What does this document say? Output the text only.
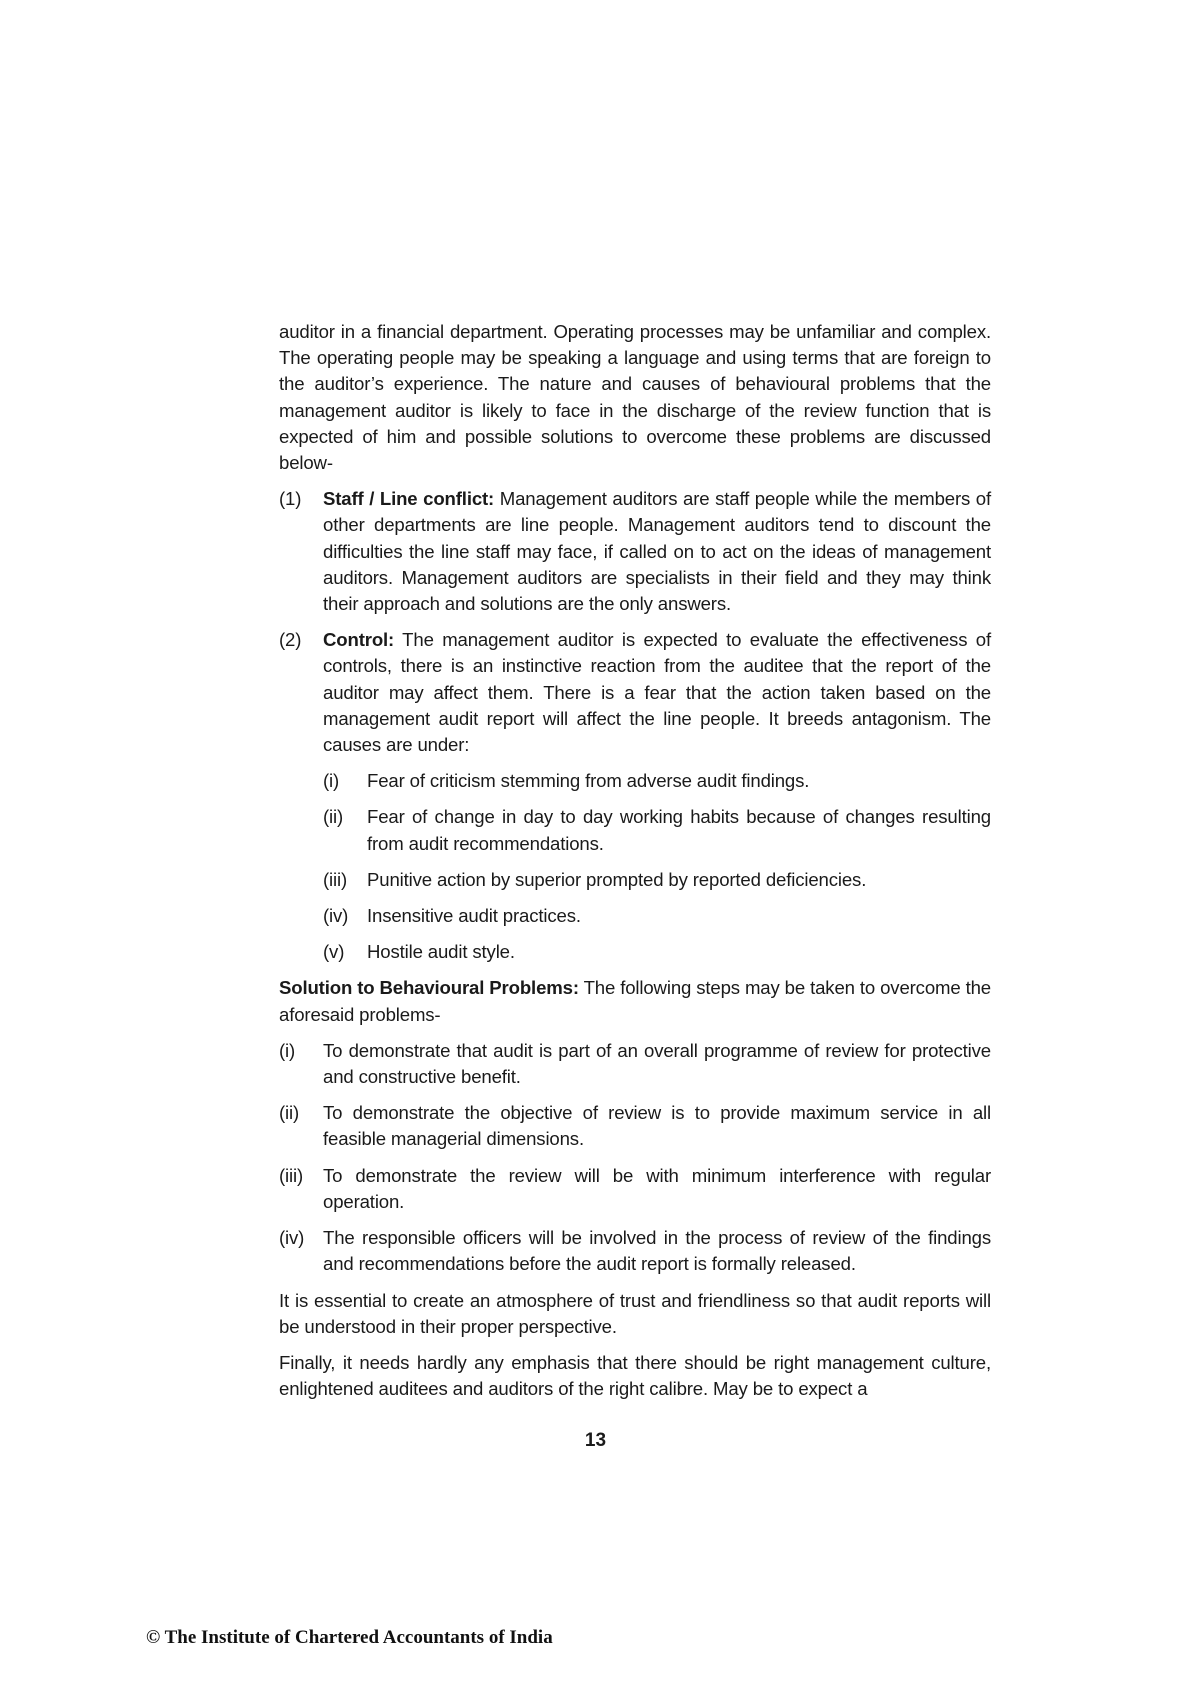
auditor in a financial department. Operating processes may be unfamiliar and complex. The operating people may be speaking a language and using terms that are foreign to the auditor’s experience. The nature and causes of behavioural problems that the management auditor is likely to face in the discharge of the review function that is expected of him and possible solutions to overcome these problems are discussed below-

(1)	Staff / Line conflict: Management auditors are staff people while the members of other departments are line people. Management auditors tend to discount the difficulties the line staff may face, if called on to act on the ideas of management auditors. Management auditors are specialists in their field and they may think their approach and solutions are the only answers.
(2)	Control: The management auditor is expected to evaluate the effectiveness of controls, there is an instinctive reaction from the auditee that the report of the auditor may affect them. There is a fear that the action taken based on the management audit report will affect the line people. It breeds antagonism. The causes are under:
(i)	Fear of criticism stemming from adverse audit findings.
(ii)	Fear of change in day to day working habits because of changes resulting from audit recommendations.
(iii)	Punitive action by superior prompted by reported deficiencies.
(iv)	Insensitive audit practices.
(v)	Hostile audit style.

Solution to Behavioural Problems: The following steps may be taken to overcome the aforesaid problems-

(i)	To demonstrate that audit is part of an overall programme of review for protective and constructive benefit.
(ii)	To demonstrate the objective of review is to provide maximum service in all feasible managerial dimensions.
(iii)	To demonstrate the review will be with minimum interference with regular operation.
(iv)	The responsible officers will be involved in the process of review of the findings and recommendations before the audit report is formally released.

It is essential to create an atmosphere of trust and friendliness so that audit reports will be understood in their proper perspective.

Finally, it needs hardly any emphasis that there should be right management culture, enlightened auditees and auditors of the right calibre. May be to expect a

13
© The Institute of Chartered Accountants of India
